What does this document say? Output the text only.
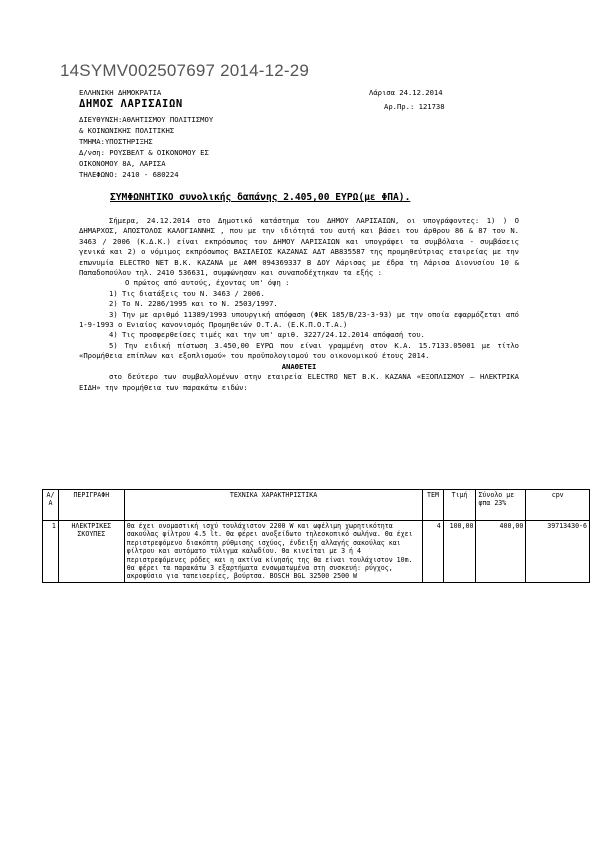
14SYMV002507697 2014-12-29
ΕΛΛΗΝΙΚΗ ΔΗΜΟΚΡΑΤΙΑ
ΔΗΜΟΣ ΛΑΡΙΣΑΙΩΝ
ΔΙΕΥΘΥΝΣΗ:ΑΘΛΗΤΙΣΜΟΥ ΠΟΛΙΤΙΣΜΟΥ
& ΚΟΙΝΩΝΙΚΗΣ ΠΟΛΙΤΙΚΗΣ
ΤΜΗΜΑ:ΥΠΟΣΤΗΡΙΞΗΣ
Δ/νση: ΡΟΥΣΒΕΛΤ & ΟΙΚΟΝΟΜΟΥ ΕΣ
ΟΙΚΟΝΟΜΟΥ 8Α, ΛΑΡΙΣΑ
ΤΗΛΕΦΩΝΟ: 2410 - 680224
Λάρισα 24.12.2014
Αρ.Πρ.: 121738
ΣΥΜΦΩΝΗΤΙΚΟ συνολικής δαπάνης 2.405,00 ΕΥΡΩ(με ΦΠΑ).

Σήμερα, 24.12.2014 στο Δημοτικό κατάστημα του ΔΗΜΟΥ ΛΑΡΙΣΑΙΩΝ, οι υπογράφοντες: 1) ) Ο ΔΗΜΑΡΧΟΣ, ΑΠΟΣΤΟΛΟΣ ΚΑΛΟΓΙΑΝΝΗΣ , που με την ιδιότητά του αυτή και βάσει του άρθρου 86 & 87 του Ν. 3463 / 2006 (Κ.Δ.Κ.) είναι εκπρόσωπος του ΔΗΜΟΥ ΛΑΡΙΣΑΙΩΝ και υπογράφει τα συμβόλαια - συμβάσεις γενικά και 2) ο νόμιμος εκπρόσωπος ΒΑΣΙΛΕΙΟΣ ΚΑΖΑΝΑΣ ΑΔΤ ΑΒ835587 της προμηθεύτριας εταιρείας με την επωνυμία ELECTRO NET Β.Κ. ΚΑΖΑΝΑ με ΑΦΜ 094369337 Β ΔΟΥ Λάρισας με έδρα τη Λάρισα Διονυσίου 10 & Παπαδοπούλου τηλ. 2410 536631, συμφώνησαν και συναποδέχτηκαν τα εξής :

Ο πρώτος από αυτούς, έχοντας υπ' όψη :

1) Τις διατάξεις του Ν. 3463 / 2006.

2) Το Ν. 2286/1995 και το Ν. 2503/1997.

3) Την με αριθμό 11389/1993 υπουργική απόφαση (ΦΕΚ 185/Β/23-3-93) με την οποία εφαρμόζεται από 1-9-1993 ο Ενιαίος κανονισμός Προμηθειών Ο.Τ.Α. (Ε.Κ.Π.Ο.Τ.Α.)

4) Τις προσφερθείσες τιμές και την υπ' αριθ. 3227/24.12.2014 απόφασή του.

5) Την ειδική πίστωση 3.450,00 ΕΥΡΩ που είναι γραμμένη στον Κ.Α. 15.7133.05001 με τίτλο «Προμήθεια επίπλων και εξοπλισμού» του προϋπολογισμού του οικονομικού έτους 2014.

ΑΝΑΘΕΤΕΙ

στο δεύτερο των συμβαλλομένων στην εταιρεία ELECTRO NET Β.Κ. ΚΑΖΑΝΑ «ΕΞΟΠΛΙΣΜΟΥ – ΗΛΕΚΤΡΙΚΑ ΕΙΔΗ» την προμήθεια των παρακάτω ειδών:

Α/Α	ΠΕΡΙΓΡΑΦΗ	ΤΕΧΝΙΚΑ ΧΑΡΑΚΤΗΡΙΣΤΙΚΑ	ΤΕΜ	Τιμή	Σύνολο με φπα 23%	cpv
1	ΗΛΕΚΤΡΙΚΕΣ ΣΚΟΥΠΕΣ	Θα έχει ονομαστική ισχύ τουλάχιστον 2200 W και ωφέλιμη χωρητικότητα σακούλας φίλτρου 4.5 lt. Θα φέρει ανοξείδωτο τηλεσκοπικό σωλήνα. Θα έχει περιστρεφόμενο διακόπτη ρύθμισης ισχύος, ένδειξη αλλαγής σακούλας και φίλτρου και αυτόματο τύλιγμα καλωδίου. Θα κινείται με 3 ή 4 περιστρεφόμενες ρόδες και η ακτίνα κίνησής της θα είναι τουλάχιστον 10m. θα φέρει τα παρακάτω 3 εξαρτήματα ενσωματωμένα στη συσκευή: ρύγχος, ακροφύσιο για ταπεισερίες, βούρτσα. BOSCH BGL 32500 2500 W	4	100,00	400,00	39713430-6
